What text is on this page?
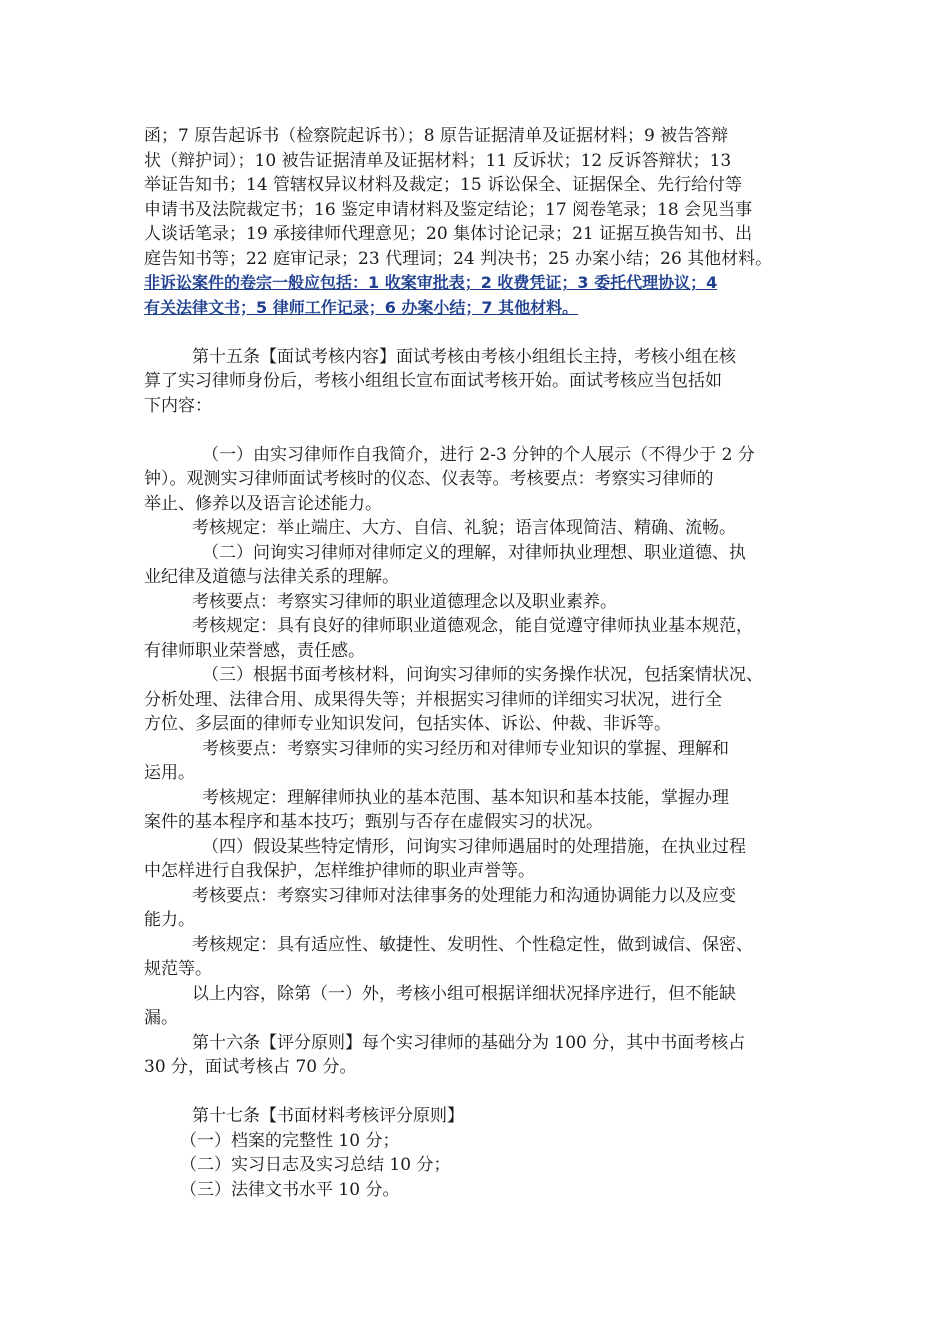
函；7 原告起诉书（检察院起诉书）；8 原告证据清单及证据材料；9 被告答辩
状（辩护词）；10 被告证据清单及证据材料；11 反诉状；12 反诉答辩状；13
举证告知书；14 管辖权异议材料及裁定；15 诉讼保全、证据保全、先行给付等
申请书及法院裁定书；16 鉴定申请材料及鉴定结论；17 阅卷笔录；18 会见当事
人谈话笔录；19 承接律师代理意见；20 集体讨论记录；21 证据互换告知书、出
庭告知书等；22 庭审记录；23 代理词；24 判决书；25 办案小结；26 其他材料。
非诉讼案件的卷宗一般应包括：1 收案审批表；2 收费凭证；3 委托代理协议；4
有关法律文书；5 律师工作记录；6 办案小结；7 其他材料。
第十五条【面试考核内容】面试考核由考核小组组长主持，考核小组在核
算了实习律师身份后，考核小组组长宣布面试考核开始。面试考核应当包括如
下内容：
（一）由实习律师作自我简介，进行 2-3 分钟的个人展示（不得少于 2 分
钟）。观测实习律师面试考核时的仪态、仪表等。考核要点：考察实习律师的
举止、修养以及语言论述能力。
考核规定：举止端庄、大方、自信、礼貌；语言体现简洁、精确、流畅。
（二）问询实习律师对律师定义的理解，对律师执业理想、职业道德、执
业纪律及道德与法律关系的理解。
考核要点：考察实习律师的职业道德理念以及职业素养。
考核规定：具有良好的律师职业道德观念，能自觉遵守律师执业基本规范，
有律师职业荣誉感，责任感。
（三）根据书面考核材料，问询实习律师的实务操作状况，包括案情状况、
分析处理、法律合用、成果得失等；并根据实习律师的详细实习状况，进行全
方位、多层面的律师专业知识发问，包括实体、诉讼、仲裁、非诉等。
考核要点：考察实习律师的实习经历和对律师专业知识的掌握、理解和
运用。
考核规定：理解律师执业的基本范围、基本知识和基本技能，掌握办理
案件的基本程序和基本技巧；甄别与否存在虚假实习的状况。
（四）假设某些特定情形，问询实习律师遇届时的处理措施，在执业过程
中怎样进行自我保护，怎样维护律师的职业声誉等。
考核要点：考察实习律师对法律事务的处理能力和沟通协调能力以及应变
能力。
考核规定：具有适应性、敏捷性、发明性、个性稳定性，做到诚信、保密、
规范等。
以上内容，除第（一）外，考核小组可根据详细状况择序进行，但不能缺
漏。
第十六条【评分原则】每个实习律师的基础分为 100 分，其中书面考核占
30 分，面试考核占 70 分。
第十七条【书面材料考核评分原则】
（一）档案的完整性 10 分；
（二）实习日志及实习总结 10 分；
（三）法律文书水平 10 分。
